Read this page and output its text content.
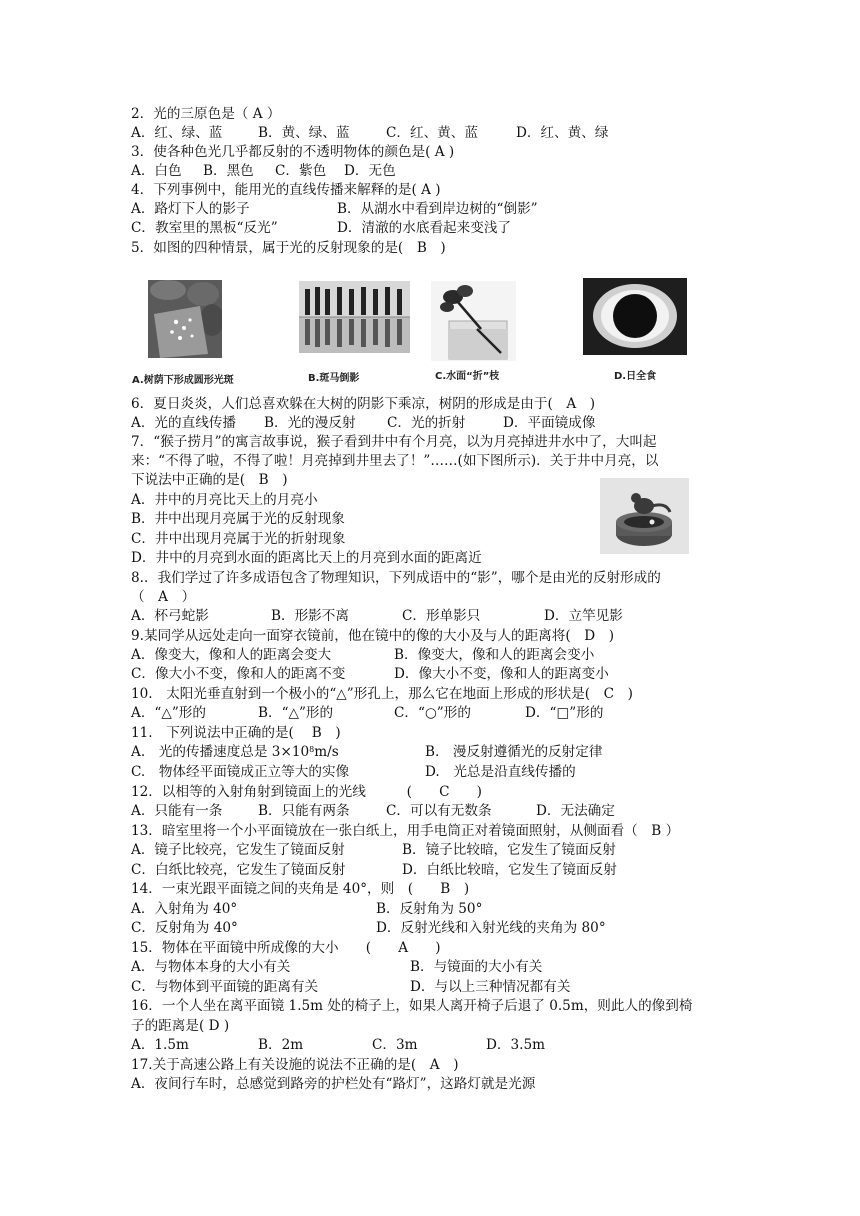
2．光的三原色是（ A ）
A．红、绿、蓝	B．黄、绿、蓝	C．红、黄、蓝	D．红、黄、绿
3．使各种色光几乎都反射的不透明物体的颜色是( A )
A．白色 B．黑色 C．紫色 D．无色
4．下列事例中，能用光的直线传播来解释的是( A )
A．路灯下人的影子	B．从湖水中看到岸边树的“倒影”
C．教室里的黑板“反光”	D．清澈的水底看起来变浅了
5．如图的四种情景，属于光的反射现象的是(　B　)
A.树荫下形成圆形光斑	B.斑马倒影	C.水面“折”枝	D.日全食
6．夏日炎炎，人们总喜欢躲在大树的阴影下乘凉，树阴的形成是由于(　A　)
A．光的直线传播 B．光的漫反射 C．光的折射	D．平面镜成像
7．“猴子捞月”的寓言故事说，猴子看到井中有个月亮，以为月亮掉进井水中了，大叫起
来：“不得了啦，不得了啦！月亮掉到井里去了！”……(如下图所示)．关于井中月亮，以
下说法中正确的是(　B　)
A．井中的月亮比天上的月亮小
B．井中出现月亮属于光的反射现象
C．井中出现月亮属于光的折射现象
D．井中的月亮到水面的距离比天上的月亮到水面的距离近
8.．我们学过了许多成语包含了物理知识，下列成语中的“影”，哪个是由光的反射形成的
（　A　）
A．杯弓蛇影	B．形影不离	C．形单影只	D．立竿见影
9.某同学从远处走向一面穿衣镜前，他在镜中的像的大小及与人的距离将(　D　)
A．像变大，像和人的距离会变大	B．像变大，像和人的距离会变小
C．像大小不变，像和人的距离不变	D．像大小不变，像和人的距离变小
10.　太阳光垂直射到一个极小的“△”形孔上，那么它在地面上形成的形状是(　C　)
A．“△”形的	B．“△”形的	C．“○”形的	D．“□”形的
11.　下列说法中正确的是(　 B　)
A.　光的传播速度总是 $3\times 10^8m/s$	B.　漫反射遵循光的反射定律
C.　物体经平面镜成正立等大的实像	D.　光总是沿直线传播的
12．以相等的入射角射到镜面上的光线　　　(　　C　　)
A．只能有一条	B．只能有两条	C．可以有无数条	D．无法确定
13．暗室里将一个小平面镜放在一张白纸上，用手电筒正对着镜面照射，从侧面看（　B ）
A．镜子比较亮，它发生了镜面反射	B．镜子比较暗，它发生了镜面反射
C．白纸比较亮，它发生了镜面反射	D．白纸比较暗，它发生了镜面反射
14．一束光跟平面镜之间的夹角是 40°，则　(　　B　)
A．入射角为 40°	B．反射角为 50°
C．反射角为 40°	D．反射光线和入射光线的夹角为 80°
15．物体在平面镜中所成像的大小　　(　　A　　)
A．与物体本身的大小有关	B．与镜面的大小有关
C．与物体到平面镜的距离有关	D．与以上三种情况都有关
16．一个人坐在离平面镜 1.5m 处的椅子上，如果人离开椅子后退了 0.5m，则此人的像到椅
子的距离是( D )
A．1.5m	B．2m	C．3m	D．3.5m
17.关于高速公路上有关设施的说法不正确的是(　A　)
A．夜间行车时，总感觉到路旁的护栏处有“路灯”，这路灯就是光源
